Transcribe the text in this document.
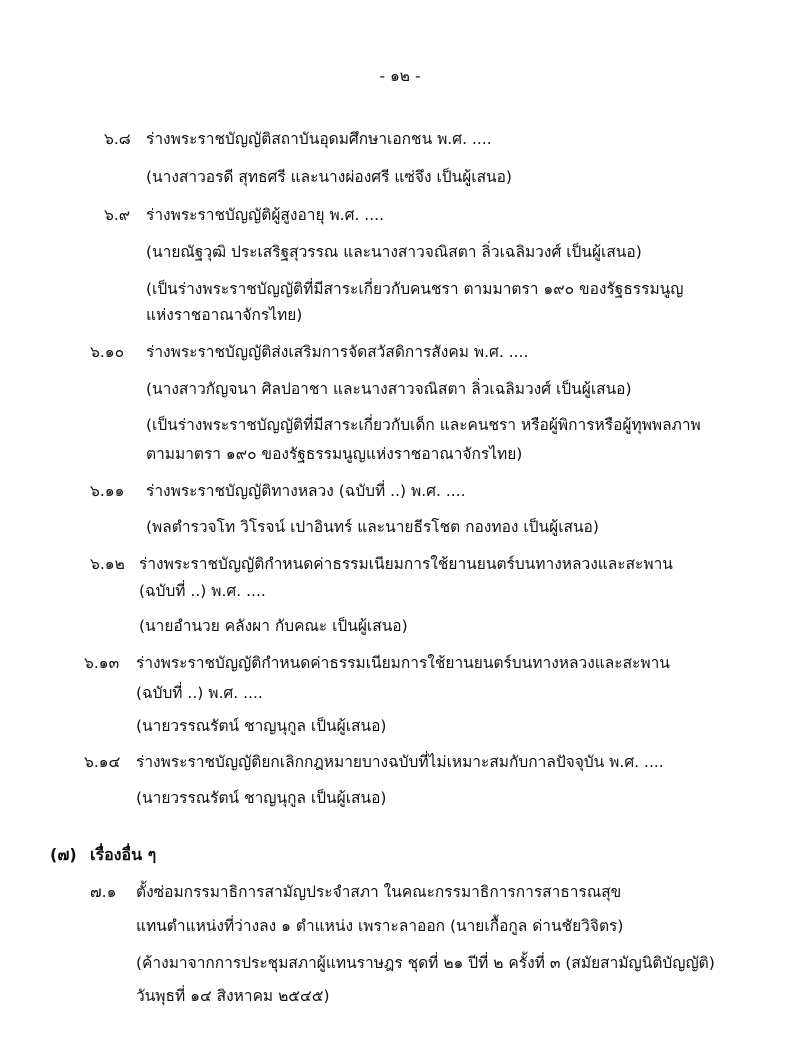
- ๑๒ -
๖.๘ ร่างพระราชบัญญัติสถาบันอุดมศึกษาเอกชน พ.ศ. ....
(นางสาวอรดี สุทธศรี และนางผ่องศรี แซ่จึง เป็นผู้เสนอ)
๖.๙ ร่างพระราชบัญญัติผู้สูงอายุ พ.ศ. ....
(นายณัฐวุฒิ ประเสริฐสุวรรณ และนางสาวจณิสตา ลิ่วเฉลิมวงศ์ เป็นผู้เสนอ)
(เป็นร่างพระราชบัญญัติที่มีสาระเกี่ยวกับคนชรา ตามมาตรา ๑๙๐ ของรัฐธรรมนูญ
แห่งราชอาณาจักรไทย)
๖.๑๐ ร่างพระราชบัญญัติส่งเสริมการจัดสวัสดิการสังคม พ.ศ. ....
(นางสาวกัญจนา ศิลปอาชา และนางสาวจณิสตา ลิ่วเฉลิมวงศ์ เป็นผู้เสนอ)
(เป็นร่างพระราชบัญญัติที่มีสาระเกี่ยวกับเด็ก และคนชรา หรือผู้พิการหรือผู้ทุพพลภาพ
ตามมาตรา ๑๙๐ ของรัฐธรรมนูญแห่งราชอาณาจักรไทย)
๖.๑๑ ร่างพระราชบัญญัติทางหลวง (ฉบับที่ ..) พ.ศ. ....
(พลตำรวจโท วิโรจน์ เปาอินทร์ และนายธีรโชต กองทอง เป็นผู้เสนอ)
๖.๑๒ ร่างพระราชบัญญัติกำหนดค่าธรรมเนียมการใช้ยานยนตร์บนทางหลวงและสะพาน
(ฉบับที่ ..) พ.ศ. ....
(นายอำนวย คลังผา กับคณะ เป็นผู้เสนอ)
๖.๑๓ ร่างพระราชบัญญัติกำหนดค่าธรรมเนียมการใช้ยานยนตร์บนทางหลวงและสะพาน
(ฉบับที่ ..) พ.ศ. ....
(นายวรรณรัตน์ ชาญนุกูล เป็นผู้เสนอ)
๖.๑๔ ร่างพระราชบัญญัติยกเลิกกฎหมายบางฉบับที่ไม่เหมาะสมกับกาลปัจจุบัน พ.ศ. ....
(นายวรรณรัตน์ ชาญนุกูล เป็นผู้เสนอ)
(๗) เรื่องอื่น ๆ
๗.๑ ตั้งซ่อมกรรมาธิการสามัญประจำสภา ในคณะกรรมาธิการการสาธารณสุข
แทนตำแหน่งที่ว่างลง ๑ ตำแหน่ง เพราะลาออก (นายเกื้อกูล ด่านชัยวิจิตร)
(ค้างมาจากการประชุมสภาผู้แทนราษฎร ชุดที่ ๒๑ ปีที่ ๒ ครั้งที่ ๓ (สมัยสามัญนิติบัญญัติ)
วันพุธที่ ๑๔ สิงหาคม ๒๕๔๕)
